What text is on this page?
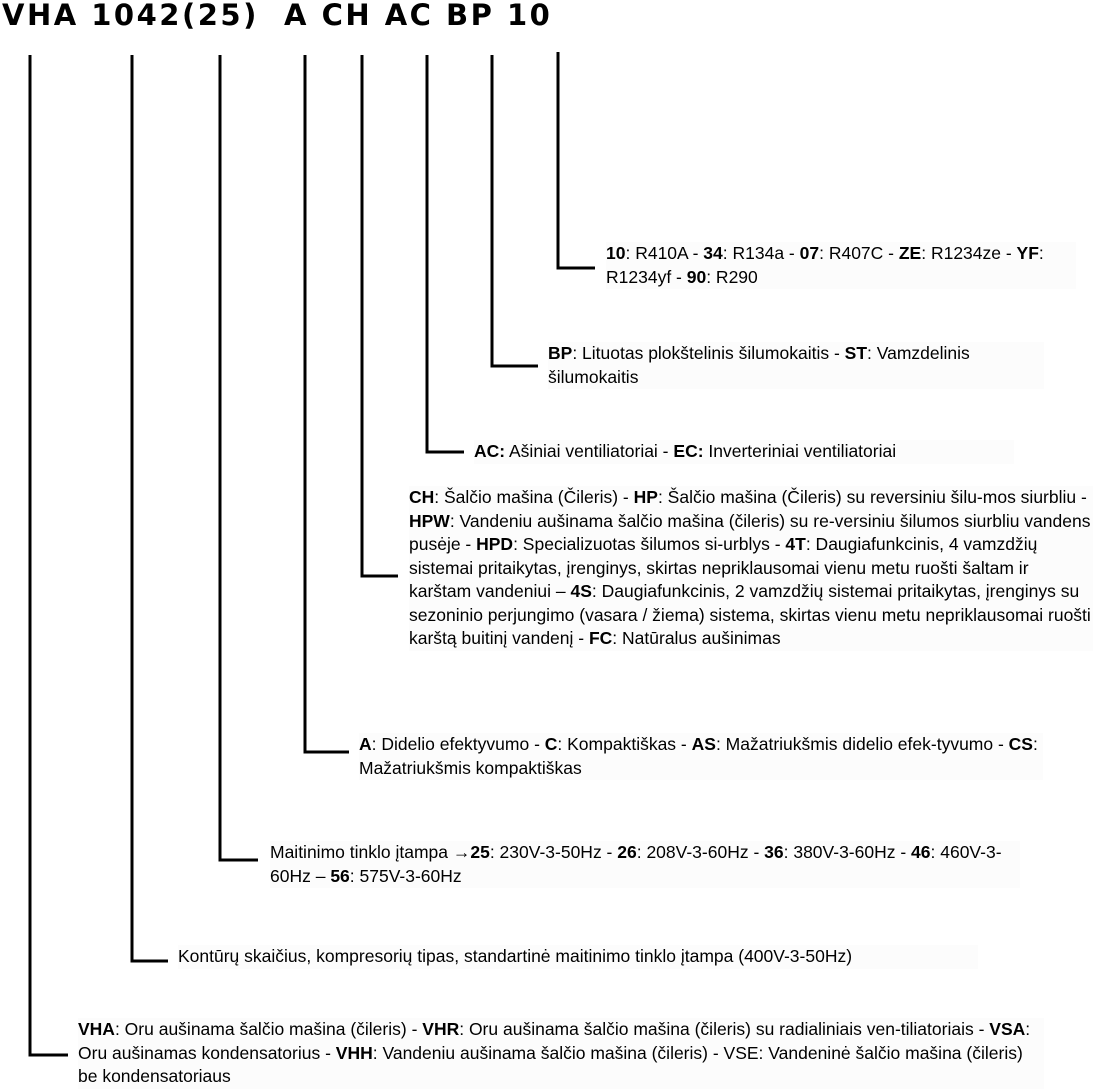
VHA 1042(25)  A CH AC BP 10
10: R410A - 34: R134a - 07: R407C - ZE: R1234ze - YF: R1234yf - 90: R290
BP: Lituotas plokštelinis šilumokaitis - ST: Vamzdelinis šilumokaitis
AC: Ašiniai ventiliatoriai - EC: Inverteriniai ventiliatoriai
CH: Šalčio mašina (Čileris) - HP: Šalčio mašina (Čileris) su reversiniu šilu-mos siurbliu - HPW: Vandeniu aušinama šalčio mašina (čileris) su re-versiniu šilumos siurbliu vandens pusėje - HPD: Specializuotas šilumos si-urblys - 4T: Daugiafunkcinis, 4 vamzdžių sistemai pritaikytas, įrenginys, skirtas nepriklausomai vienu metu ruošti šaltam ir karštam vandeniui – 4S: Daugiafunkcinis, 2 vamzdžių sistemai pritaikytas, įrenginys su sezoninio perjungimo (vasara / žiema) sistema, skirtas vienu metu nepriklausomai ruošti karštą buitinį vandenį - FC: Natūralus aušinimas
A: Didelio efektyvumo - C: Kompaktiškas - AS: Mažatriukšmis didelio efek-tyvumo - CS: Mažatriukšmis kompaktiškas
Maitinimo tinklo įtampa →25: 230V-3-50Hz - 26: 208V-3-60Hz - 36: 380V-3-60Hz - 46: 460V-3-60Hz – 56: 575V-3-60Hz
Kontūrų skaičius, kompresorių tipas, standartinė maitinimo tinklo įtampa (400V-3-50Hz)
VHA: Oru aušinama šalčio mašina (čileris) - VHR: Oru aušinama šalčio mašina (čileris) su radialiniais ven-tiliatoriais - VSA: Oru aušinamas kondensatorius - VHH: Vandeniu aušinama šalčio mašina (čileris) - VSE: Vandeninė šalčio mašina (čileris) be kondensatoriaus
